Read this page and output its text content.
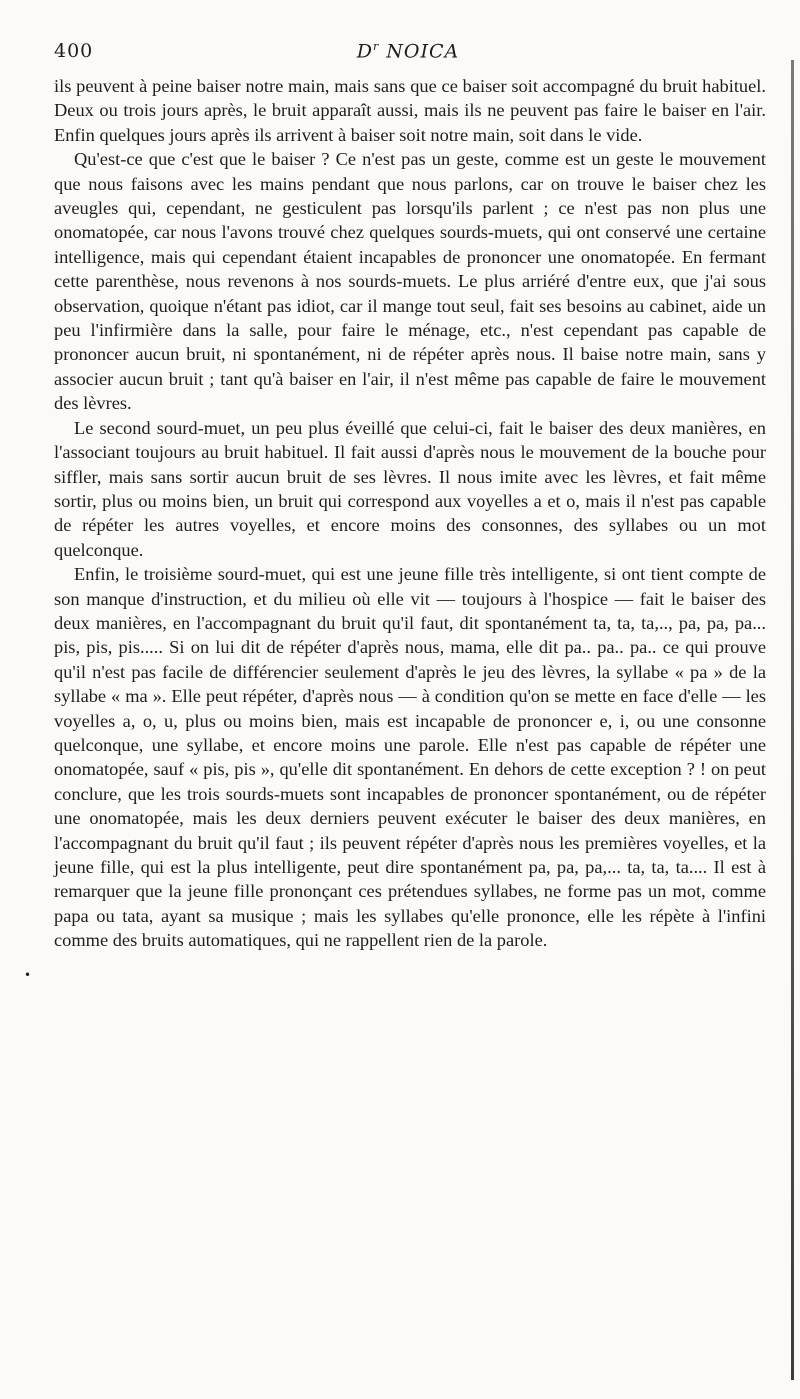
400	$D^r$ NOICA
•

ils peuvent à peine baiser notre main, mais sans que ce baiser soit accompagné du bruit habituel. Deux ou trois jours après, le bruit apparaît aussi, mais ils ne peuvent pas faire le baiser en l'air. Enfin quelques jours après ils arrivent à baiser soit notre main, soit dans le vide.

Qu'est-ce que c'est que le baiser ? Ce n'est pas un geste, comme est un geste le mouvement que nous faisons avec les mains pendant que nous parlons, car on trouve le baiser chez les aveugles qui, cependant, ne gesticulent pas lorsqu'ils parlent ; ce n'est pas non plus une onomatopée, car nous l'avons trouvé chez quelques sourds-muets, qui ont conservé une certaine intelligence, mais qui cependant étaient incapables de prononcer une onomatopée. En fermant cette parenthèse, nous revenons à nos sourds-muets. Le plus arriéré d'entre eux, que j'ai sous observation, quoique n'étant pas idiot, car il mange tout seul, fait ses besoins au cabinet, aide un peu l'infirmière dans la salle, pour faire le ménage, etc., n'est cependant pas capable de prononcer aucun bruit, ni spontanément, ni de répéter après nous. Il baise notre main, sans y associer aucun bruit ; tant qu'à baiser en l'air, il n'est même pas capable de faire le mouvement des lèvres.

Le second sourd-muet, un peu plus éveillé que celui-ci, fait le baiser des deux manières, en l'associant toujours au bruit habituel. Il fait aussi d'après nous le mouvement de la bouche pour siffler, mais sans sortir aucun bruit de ses lèvres. Il nous imite avec les lèvres, et fait même sortir, plus ou moins bien, un bruit qui correspond aux voyelles a et o, mais il n'est pas capable de répéter les autres voyelles, et encore moins des consonnes, des syllabes ou un mot quelconque.

Enfin, le troisième sourd-muet, qui est une jeune fille très intelligente, si ont tient compte de son manque d'instruction, et du milieu où elle vit — toujours à l'hospice — fait le baiser des deux manières, en l'accompagnant du bruit qu'il faut, dit spontanément ta, ta, ta,.., pa, pa, pa... pis, pis, pis..... Si on lui dit de répéter d'après nous, mama, elle dit pa.. pa.. pa.. ce qui prouve qu'il n'est pas facile de différencier seulement d'après le jeu des lèvres, la syllabe « pa » de la syllabe « ma ». Elle peut répéter, d'après nous — à condition qu'on se mette en face d'elle — les voyelles a, o, u, plus ou moins bien, mais est incapable de prononcer e, i, ou une consonne quelconque, une syllabe, et encore moins une parole. Elle n'est pas capable de répéter une onomatopée, sauf « pis, pis », qu'elle dit spontanément. En dehors de cette exception ? ! on peut conclure, que les trois sourds-muets sont incapables de prononcer spontanément, ou de répéter une onomatopée, mais les deux derniers peuvent exécuter le baiser des deux manières, en l'accompagnant du bruit qu'il faut ; ils peuvent répéter d'après nous les premières voyelles, et la jeune fille, qui est la plus intelligente, peut dire spontanément pa, pa, pa,... ta, ta, ta.... Il est à remarquer que la jeune fille prononçant ces prétendues syllabes, ne forme pas un mot, comme papa ou tata, ayant sa musique ; mais les syllabes qu'elle prononce, elle les répète à l'infini comme des bruits automatiques, qui ne rappellent rien de la parole.
